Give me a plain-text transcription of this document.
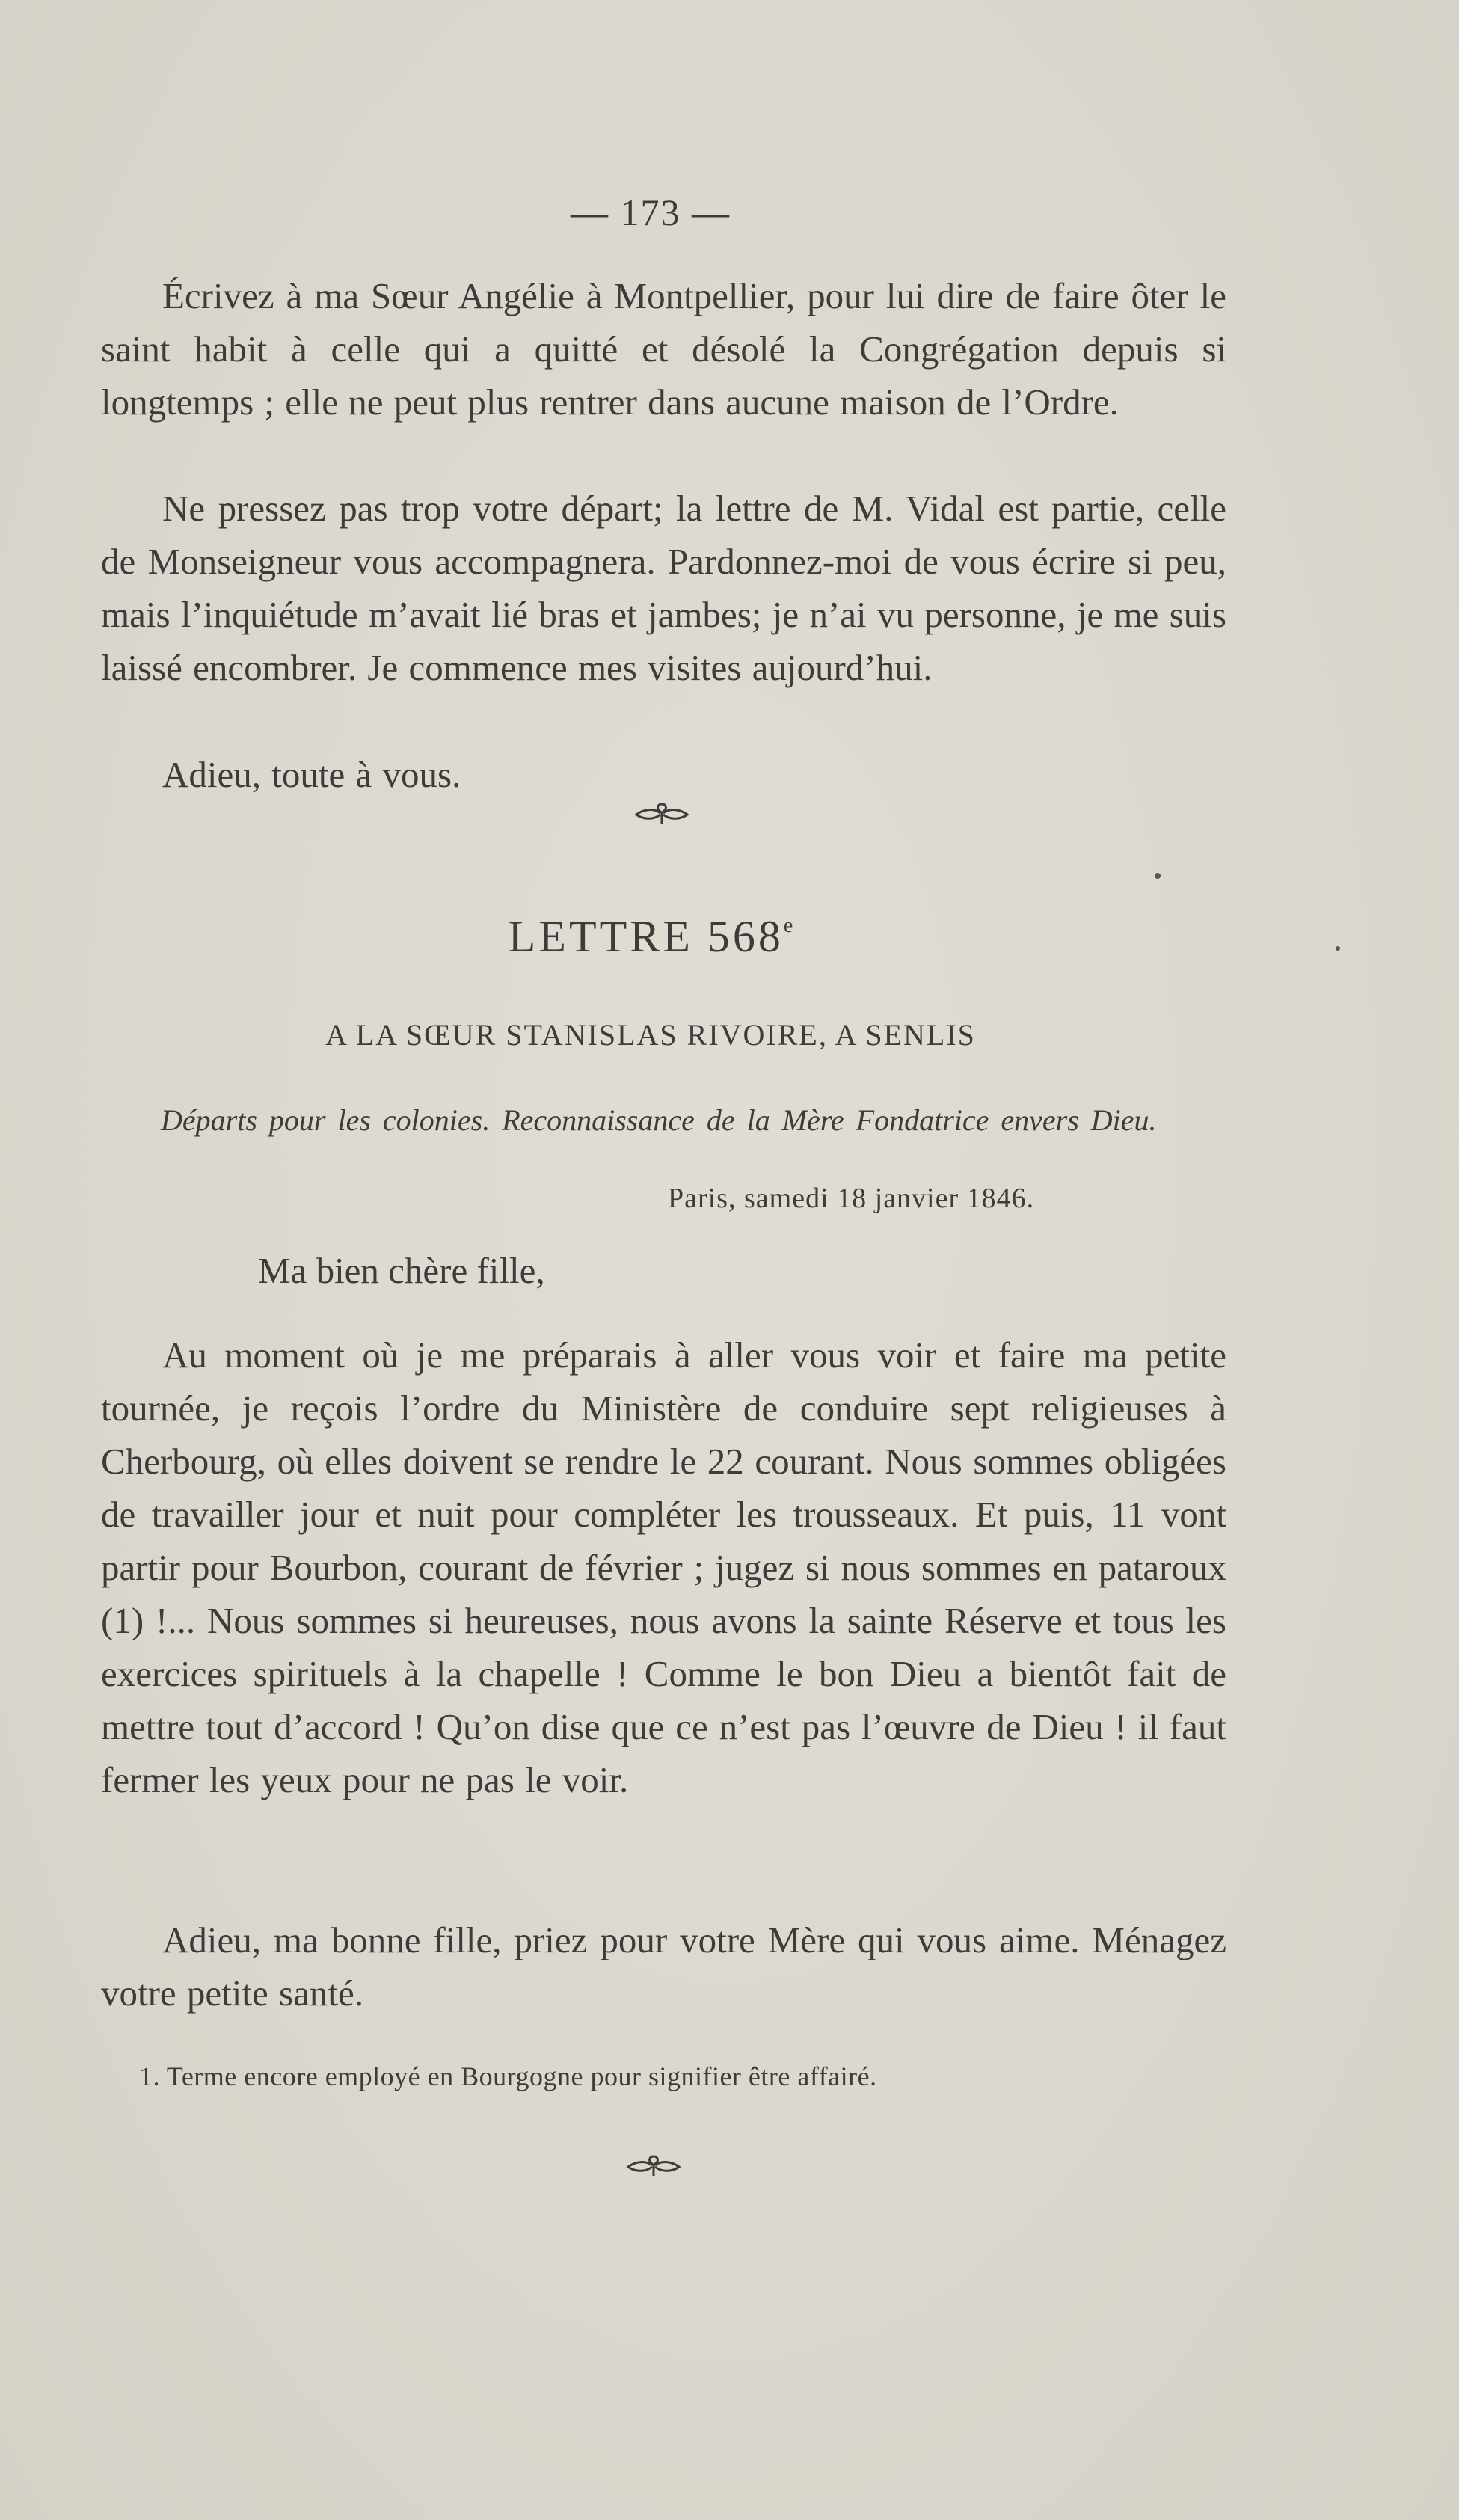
— 173 —

Écrivez à ma Sœur Angélie à Montpellier, pour lui dire de faire ôter le saint habit à celle qui a quitté et désolé la Congrégation depuis si longtemps ; elle ne peut plus rentrer dans aucune maison de l’Ordre.

Ne pressez pas trop votre départ; la lettre de M. Vidal est partie, celle de Monseigneur vous accompagnera. Pardonnez-moi de vous écrire si peu, mais l’inquiétude m’avait lié bras et jambes; je n’ai vu personne, je me suis laissé encombrer. Je commence mes visites aujourd’hui.

Adieu, toute à vous.

LETTRE 568e
A LA SŒUR STANISLAS RIVOIRE, A SENLIS

Départs pour les colonies. Reconnaissance de la Mère Fondatrice envers Dieu.

Paris, samedi 18 janvier 1846.
Ma bien chère fille,

Au moment où je me préparais à aller vous voir et faire ma petite tournée, je reçois l’ordre du Ministère de conduire sept religieuses à Cherbourg, où elles doivent se rendre le 22 courant. Nous sommes obligées de travailler jour et nuit pour compléter les trousseaux. Et puis, 11 vont partir pour Bourbon, courant de février ; jugez si nous sommes en pataroux (1) !... Nous sommes si heureuses, nous avons la sainte Réserve et tous les exercices spirituels à la chapelle ! Comme le bon Dieu a bientôt fait de mettre tout d’accord ! Qu’on dise que ce n’est pas l’œuvre de Dieu ! il faut fermer les yeux pour ne pas le voir.

Adieu, ma bonne fille, priez pour votre Mère qui vous aime. Ménagez votre petite santé.

1. Terme encore employé en Bourgogne pour signifier être affairé.
